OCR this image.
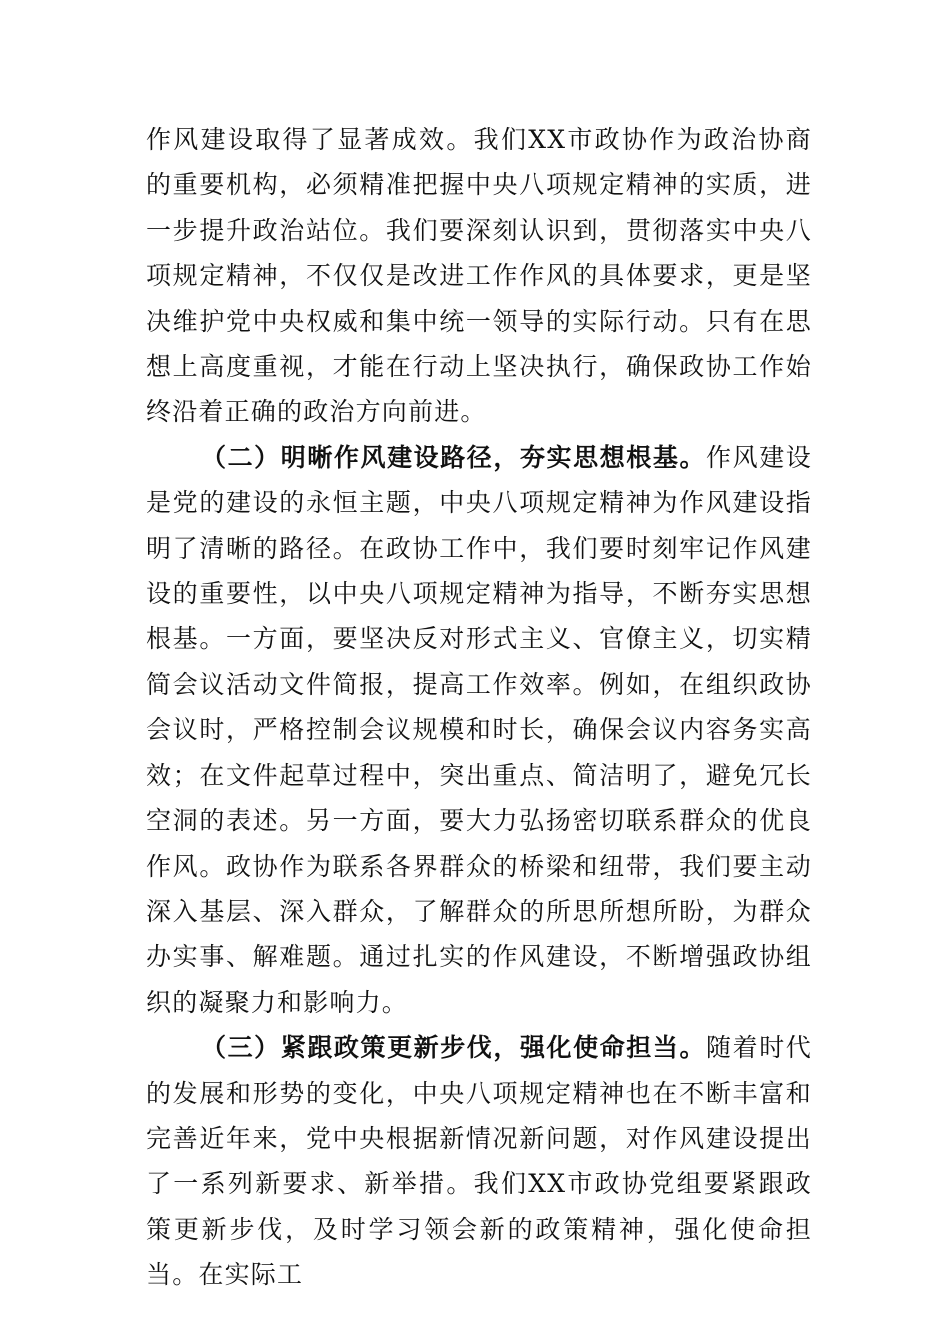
作风建设取得了显著成效。我们XX市政协作为政治协商的重要机构，必须精准把握中央八项规定精神的实质，进一步提升政治站位。我们要深刻认识到，贯彻落实中央八项规定精神，不仅仅是改进工作作风的具体要求，更是坚决维护党中央权威和集中统一领导的实际行动。只有在思想上高度重视，才能在行动上坚决执行，确保政协工作始终沿着正确的政治方向前进。

（二）明晰作风建设路径，夯实思想根基。作风建设是党的建设的永恒主题，中央八项规定精神为作风建设指明了清晰的路径。在政协工作中，我们要时刻牢记作风建设的重要性，以中央八项规定精神为指导，不断夯实思想根基。一方面，要坚决反对形式主义、官僚主义，切实精简会议活动文件简报，提高工作效率。例如，在组织政协会议时，严格控制会议规模和时长，确保会议内容务实高效；在文件起草过程中，突出重点、简洁明了，避免冗长空洞的表述。另一方面，要大力弘扬密切联系群众的优良作风。政协作为联系各界群众的桥梁和纽带，我们要主动深入基层、深入群众，了解群众的所思所想所盼，为群众办实事、解难题。通过扎实的作风建设，不断增强政协组织的凝聚力和影响力。

（三）紧跟政策更新步伐，强化使命担当。随着时代的发展和形势的变化，中央八项规定精神也在不断丰富和完善近年来，党中央根据新情况新问题，对作风建设提出了一系列新要求、新举措。我们XX市政协党组要紧跟政策更新步伐，及时学习领会新的政策精神，强化使命担当。在实际工
